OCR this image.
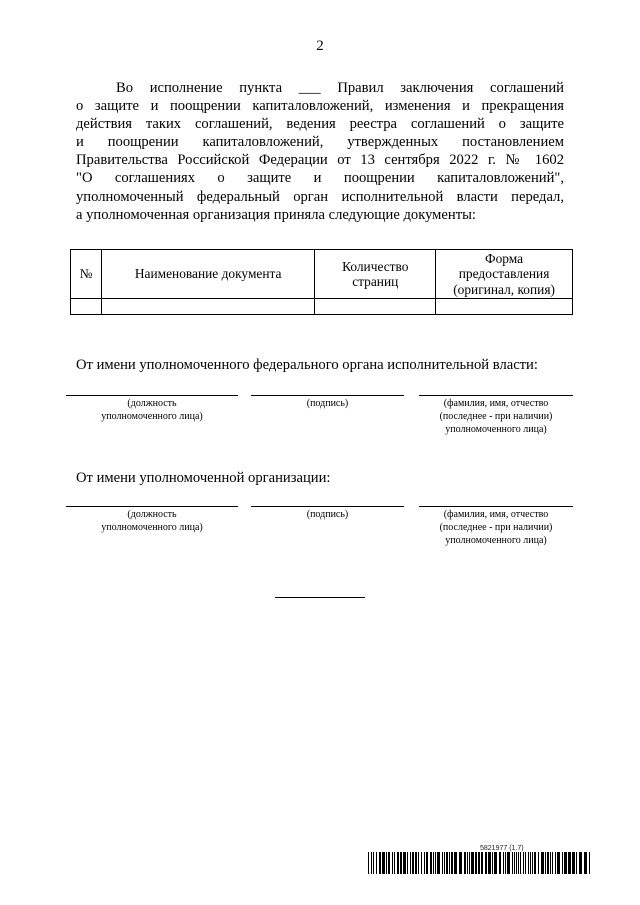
2
Во исполнение пункта ___ Правил заключения соглашений
о защите и поощрении капиталовложений, изменения и прекращения
действия таких соглашений, ведения реестра соглашений о защите
и поощрении капиталовложений, утвержденных постановлением
Правительства Российской Федерации от 13 сентября 2022 г. № 1602
"О соглашениях о защите и поощрении капиталовложений",
уполномоченный федеральный орган исполнительной власти передал,
а уполномоченная организация приняла следующие документы:
№	Наименование документа	Количество страниц	Форма предоставления (оригинал, копия)

От имени уполномоченного федерального органа исполнительной власти:
(должность
уполномоченного лица)
(подпись)	(фамилия, имя, отчество
(последнее - при наличии)
уполномоченного лица)
От имени уполномоченной организации:
(должность
уполномоченного лица)
(подпись)	(фамилия, имя, отчество
(последнее - при наличии)
уполномоченного лица)
5821977 (1.7)
